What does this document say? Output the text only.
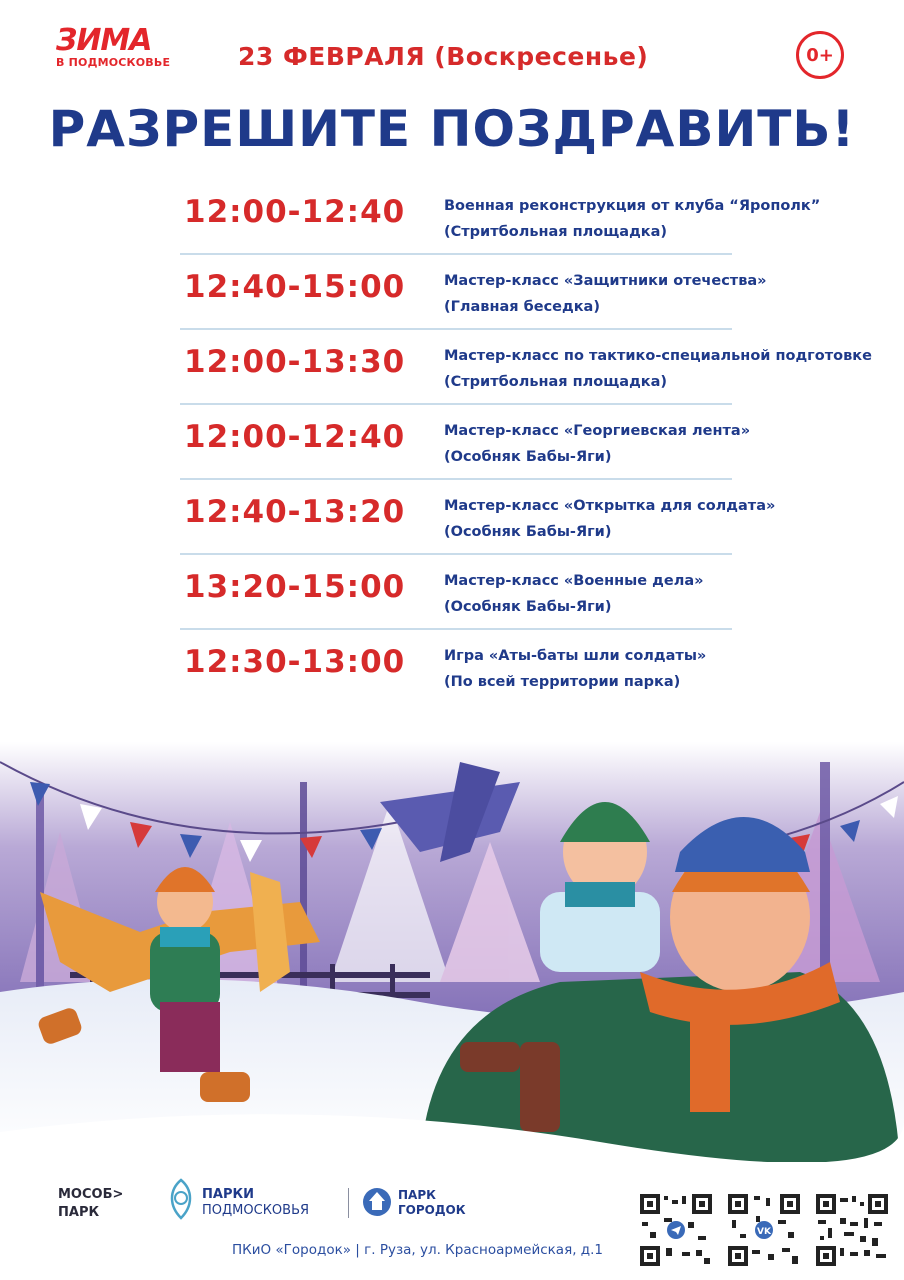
ЗИМА
В ПОДМОСКОВЬЕ	23 ФЕВРАЛЯ (Воскресенье)	0+
РАЗРЕШИТЕ ПОЗДРАВИТЬ!
12:00-12:40	Военная реконструкция от клуба “Ярополк”
(Стритбольная площадка)
12:40-15:00	Мастер-класс «Защитники отечества»
(Главная беседка)
12:00-13:30	Мастер-класс по тактико-специальной подготовке
(Стритбольная площадка)
12:00-12:40	Мастер-класс «Георгиевская лента»
(Особняк Бабы-Яги)
12:40-13:20	Мастер-класс «Открытка для солдата»
(Особняк Бабы-Яги)
13:20-15:00	Мастер-класс «Военные дела»
(Особняк Бабы-Яги)
12:30-13:00	Игра «Аты-баты шли солдаты»
(По всей территории парка)
МОСОБ>
ПАРК
ПАРКИ
ПОДМОСКОВЬЯ
ПАРК
ГОРОДОК
ПКиО «Городок» | г. Руза, ул. Красноармейская, д.1
VK
